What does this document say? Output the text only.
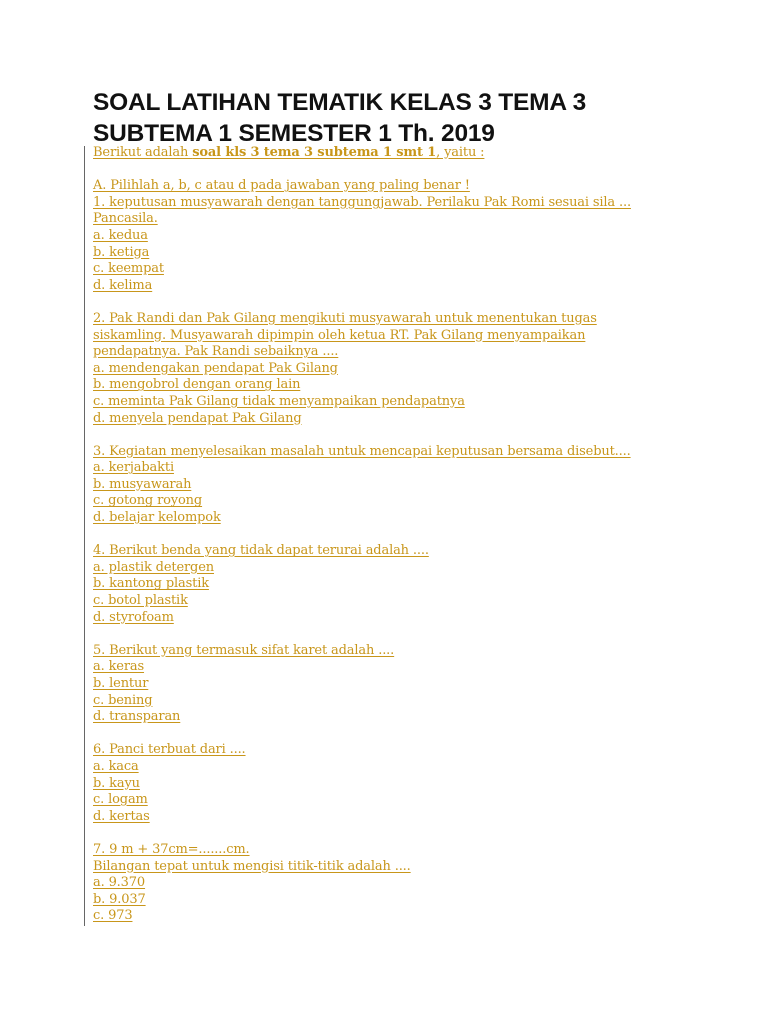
SOAL LATIHAN TEMATIK KELAS 3 TEMA 3
SUBTEMA 1 SEMESTER 1 Th. 2019
Berikut adalah soal kls 3 tema 3 subtema 1 smt 1, yaitu :
A. Pilihlah a, b, c atau d pada jawaban yang paling benar !
1. keputusan musyawarah dengan tanggungjawab. Perilaku Pak Romi sesuai sila ...
Pancasila.
a. kedua
b. ketiga
c. keempat
d. kelima
2. Pak Randi dan Pak Gilang mengikuti musyawarah untuk menentukan tugas
siskamling. Musyawarah dipimpin oleh ketua RT. Pak Gilang menyampaikan
pendapatnya. Pak Randi sebaiknya ....
a. mendengakan pendapat Pak Gilang
b. mengobrol dengan orang lain
c. meminta Pak Gilang tidak menyampaikan pendapatnya
d. menyela pendapat Pak Gilang
3. Kegiatan menyelesaikan masalah untuk mencapai keputusan bersama disebut....
a. kerjabakti
b. musyawarah
c. gotong royong
d. belajar kelompok
4. Berikut benda yang tidak dapat terurai adalah ....
a. plastik detergen
b. kantong plastik
c. botol plastik
d. styrofoam
5. Berikut yang termasuk sifat karet adalah ....
a. keras
b. lentur
c. bening
d. transparan
6. Panci terbuat dari ....
a. kaca
b. kayu
c. logam
d. kertas
7. 9 m + 37cm=.......cm.
Bilangan tepat untuk mengisi titik-titik adalah ....
a. 9.370
b. 9.037
c. 973
